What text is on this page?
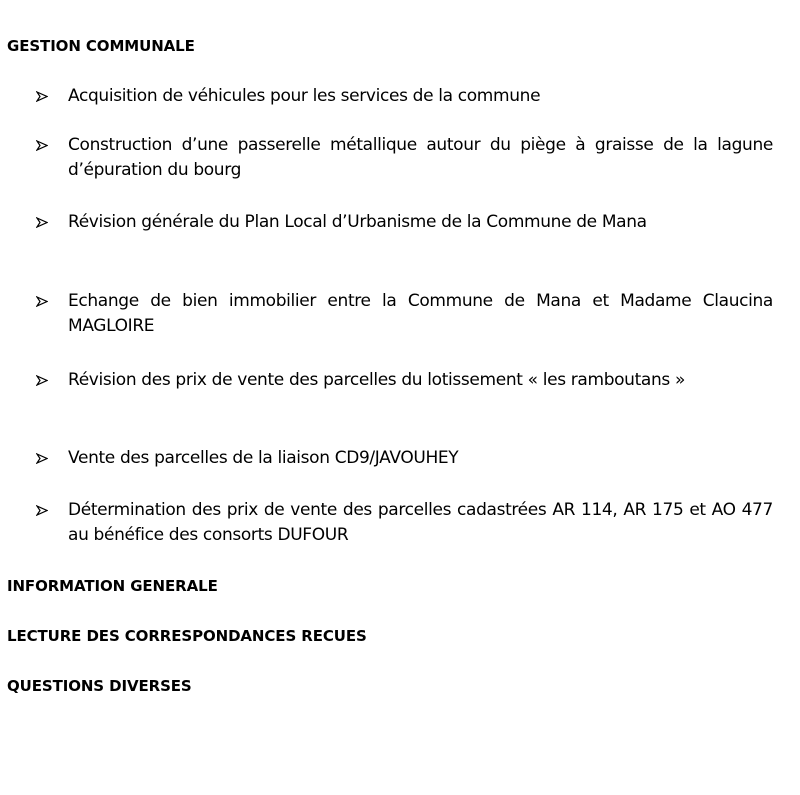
GESTION COMMUNALE

Acquisition de véhicules pour les services de la commune

Construction d’une passerelle métallique autour du piège à graisse de la lagune d’épuration du bourg

Révision générale du Plan Local d’Urbanisme de la Commune de Mana

Echange de bien immobilier entre la Commune de Mana et Madame Claucina MAGLOIRE

Révision des prix de vente des parcelles du lotissement « les ramboutans »

Vente des parcelles de la liaison CD9/JAVOUHEY

Détermination des prix de vente des parcelles cadastrées AR 114, AR 175 et AO 477 au bénéfice des consorts DUFOUR

INFORMATION GENERALE
LECTURE DES CORRESPONDANCES RECUES
QUESTIONS DIVERSES
